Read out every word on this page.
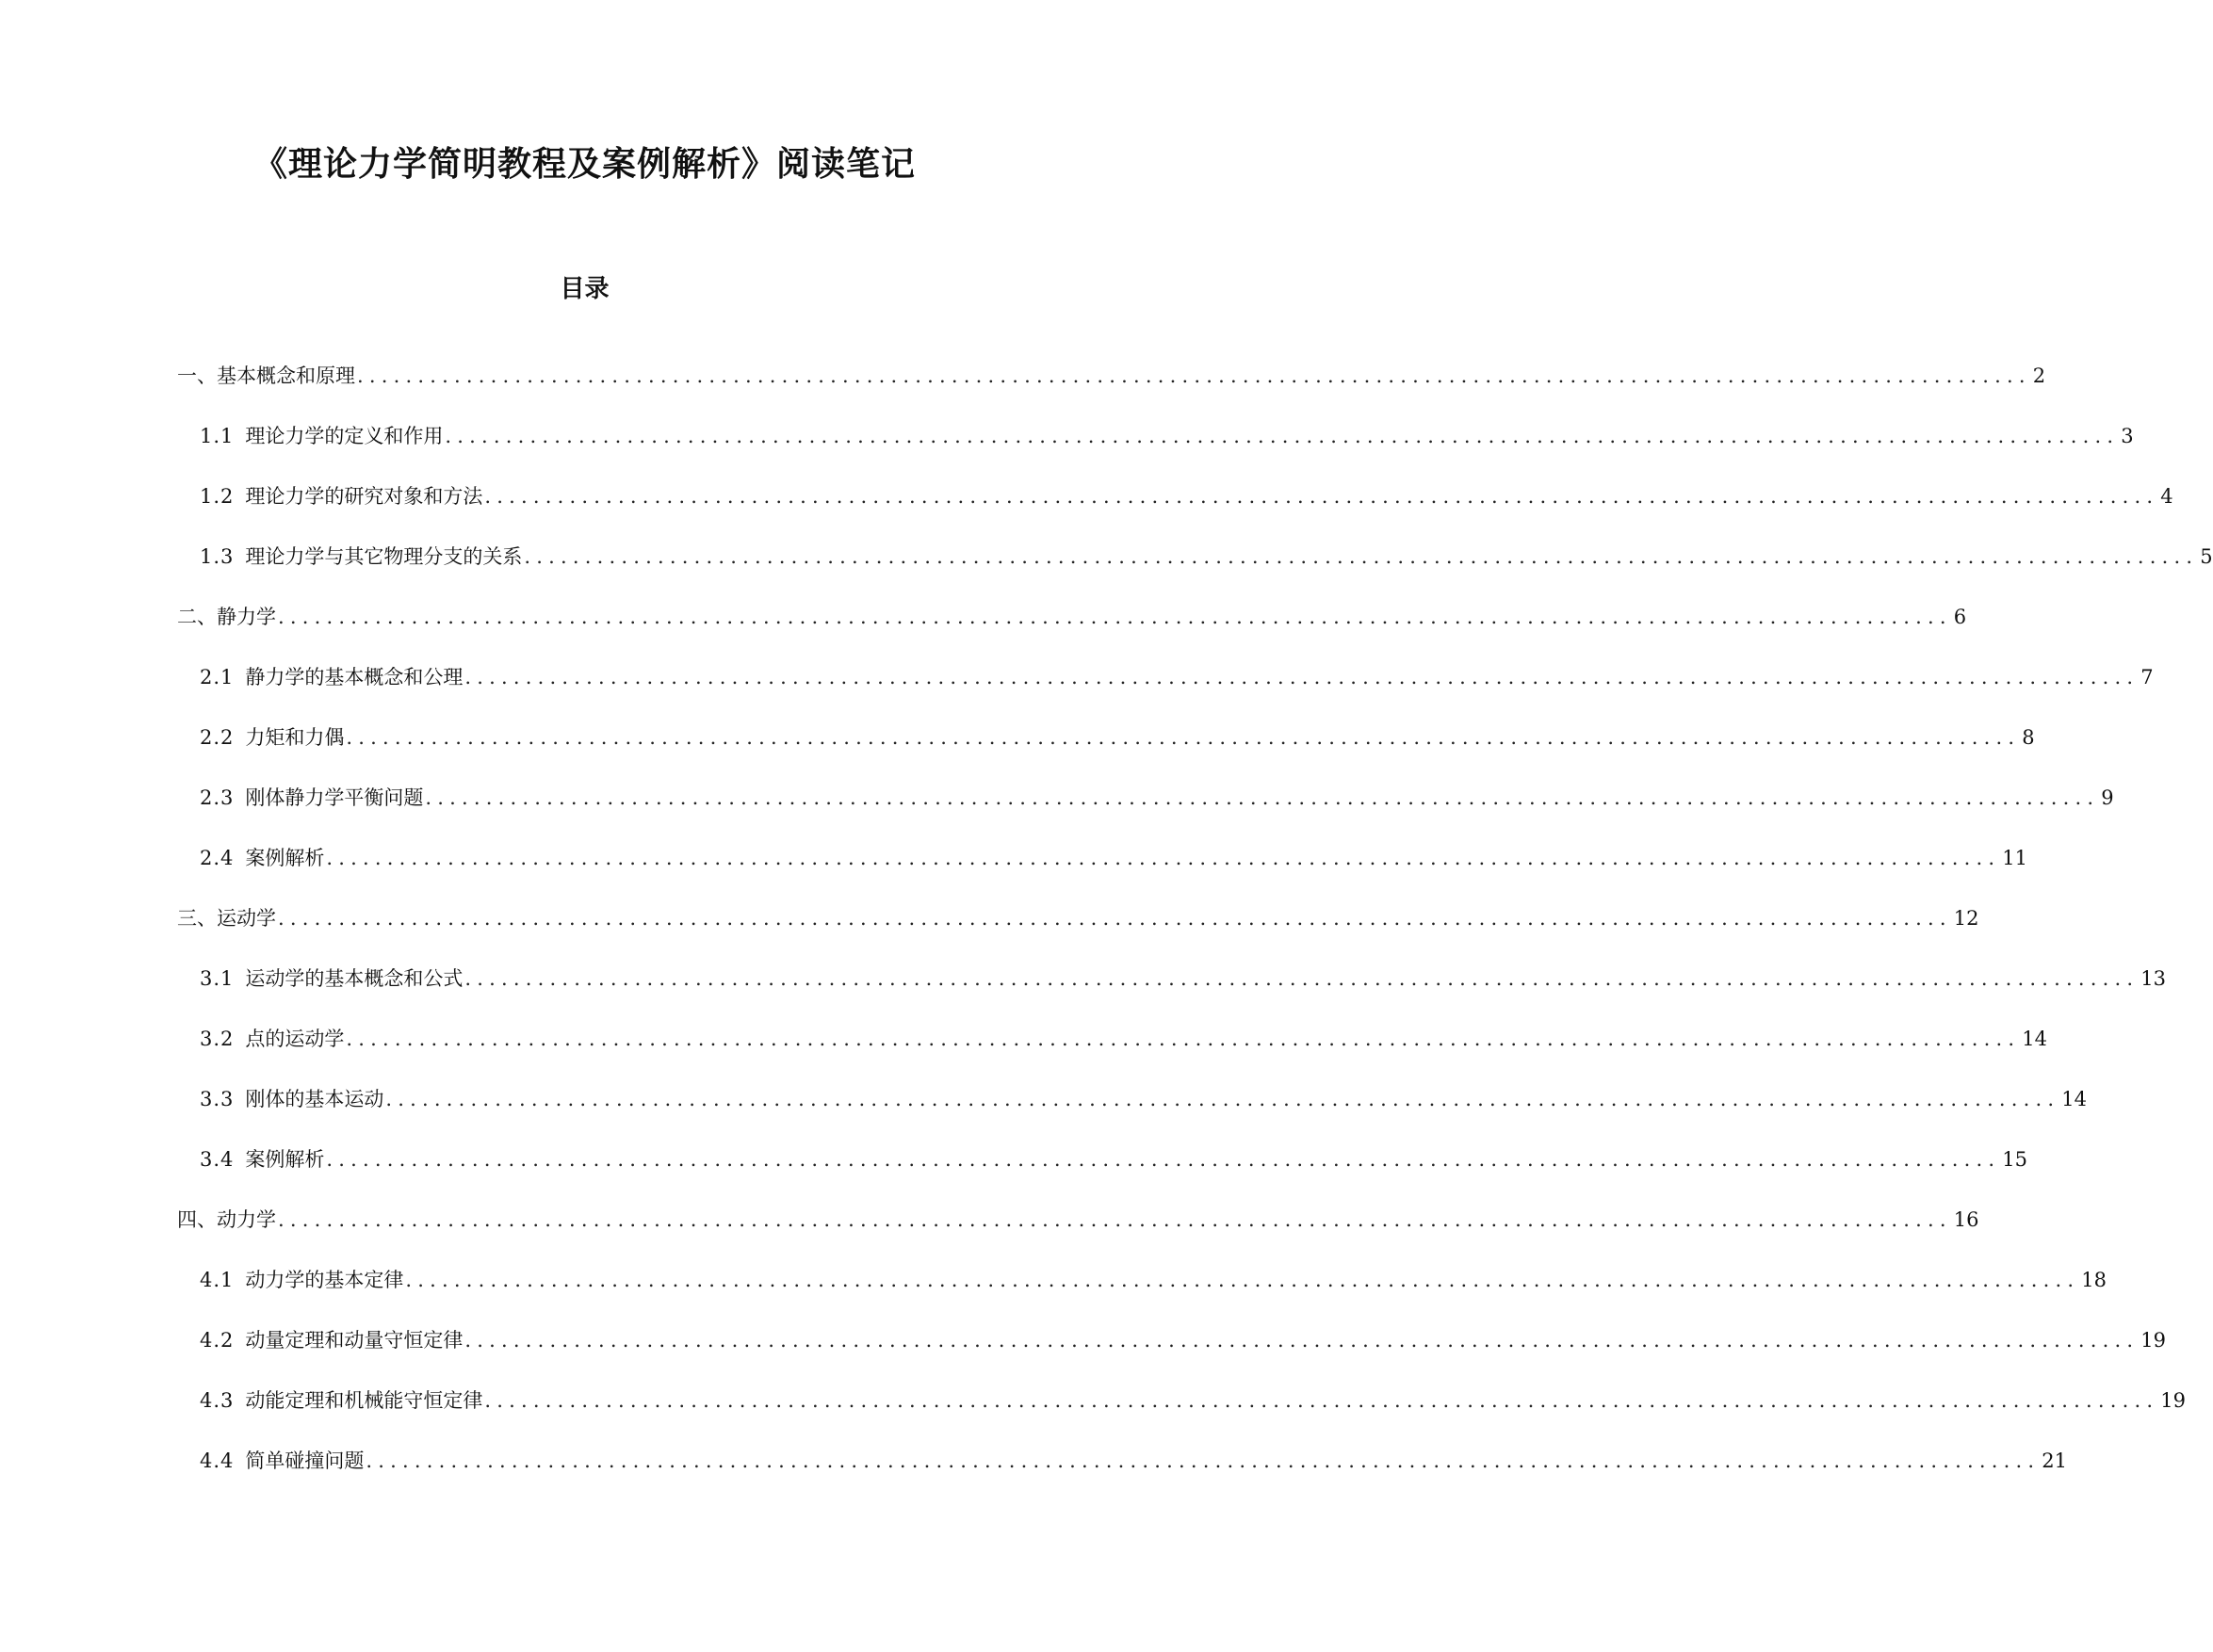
《理论力学简明教程及案例解析》阅读笔记
目录
一、基本概念和原理 .......................................................................................................................................... 2
1.1 理论力学的定义和作用 .......................................................................................................................................... 3
1.2 理论力学的研究对象和方法 .......................................................................................................................................... 4
1.3 理论力学与其它物理分支的关系 .......................................................................................................................................... 5
二、静力学 .......................................................................................................................................... 6
2.1 静力学的基本概念和公理 .......................................................................................................................................... 7
2.2 力矩和力偶 .......................................................................................................................................... 8
2.3 刚体静力学平衡问题 .......................................................................................................................................... 9
2.4 案例解析 .......................................................................................................................................... 11
三、运动学 .......................................................................................................................................... 12
3.1 运动学的基本概念和公式 .......................................................................................................................................... 13
3.2 点的运动学 .......................................................................................................................................... 14
3.3 刚体的基本运动 .......................................................................................................................................... 14
3.4 案例解析 .......................................................................................................................................... 15
四、动力学 .......................................................................................................................................... 16
4.1 动力学的基本定律 .......................................................................................................................................... 18
4.2 动量定理和动量守恒定律 .......................................................................................................................................... 19
4.3 动能定理和机械能守恒定律 .......................................................................................................................................... 19
4.4 简单碰撞问题 .......................................................................................................................................... 21
